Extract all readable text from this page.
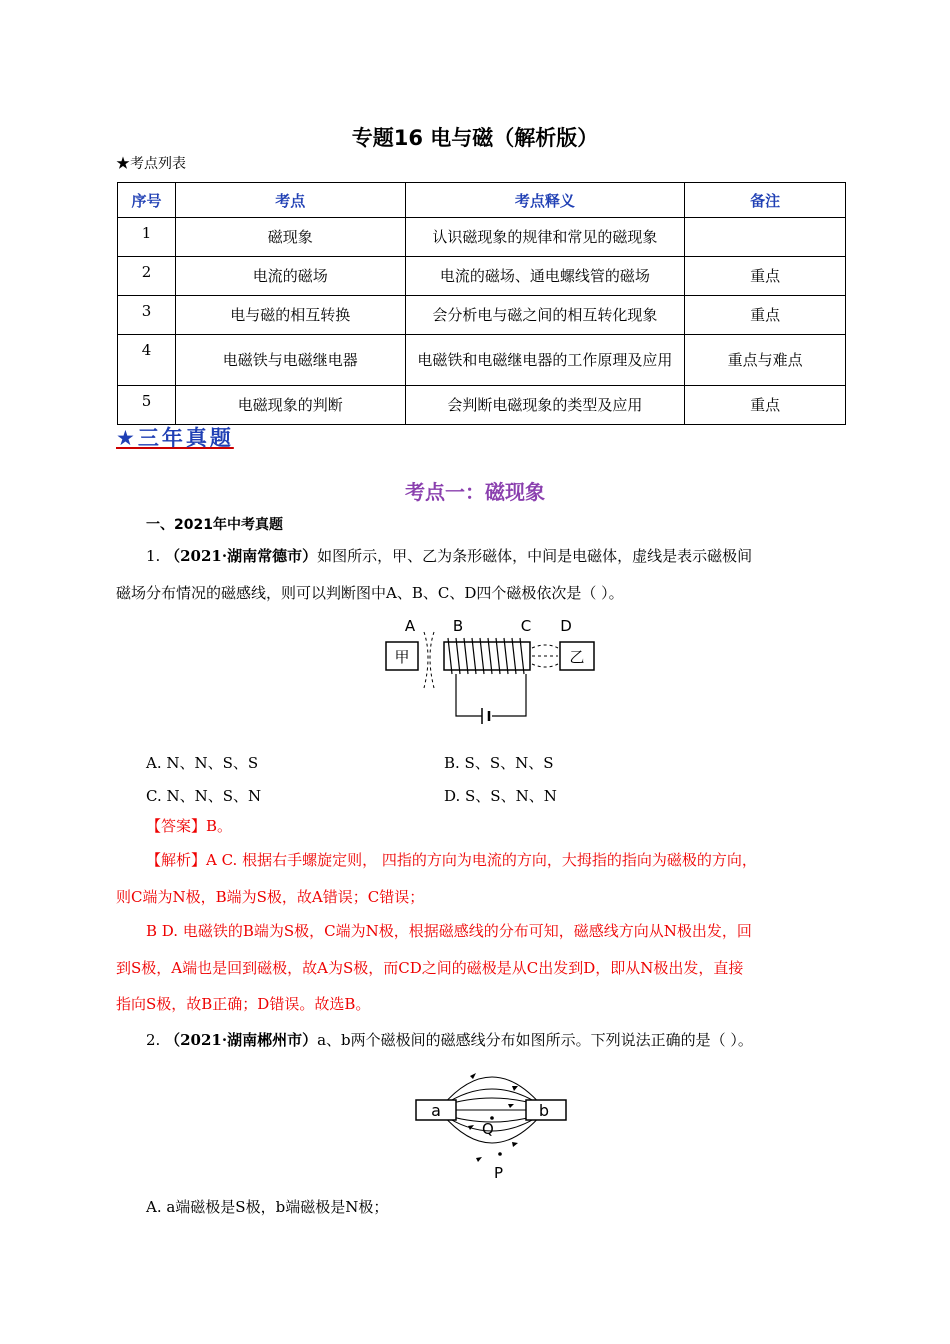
专题16 电与磁（解析版）
★考点列表
序号	考点	考点释义	备注
1	磁现象	认识磁现象的规律和常见的磁现象	
2	电流的磁场	电流的磁场、通电螺线管的磁场	重点
3	电与磁的相互转换	会分析电与磁之间的相互转化现象	重点
4	电磁铁与电磁继电器	电磁铁和电磁继电器的工作原理及应用	重点与难点
5	电磁现象的判断	会判断电磁现象的类型及应用	重点
★三年真题
考点一：磁现象
一、2021年中考真题
1. （2021·湖南常德市）如图所示，甲、乙为条形磁体，中间是电磁体，虚线是表示磁极间
磁场分布情况的磁感线，则可以判断图中A、B、C、D四个磁极依次是（ ）。
A	B	C D
甲	乙
A. N、N、S、S	B. S、S、N、S
C. N、N、S、N	D. S、S、N、N
【答案】B。
【解析】A C. 根据右手螺旋定则， 四指的方向为电流的方向，大拇指的指向为磁极的方向，
则C端为N极，B端为S极，故A错误；C错误；
B D. 电磁铁的B端为S极，C端为N极，根据磁感线的分布可知，磁感线方向从N极出发，回
到S极，A端也是回到磁极，故A为S极，而CD之间的磁极是从C出发到D，即从N极出发，直接
指向S极，故B正确；D错误。故选B。
2. （2021·湖南郴州市）a、b两个磁极间的磁感线分布如图所示。下列说法正确的是（ ）。
a	b
Q
P
A. a端磁极是S极，b端磁极是N极；
